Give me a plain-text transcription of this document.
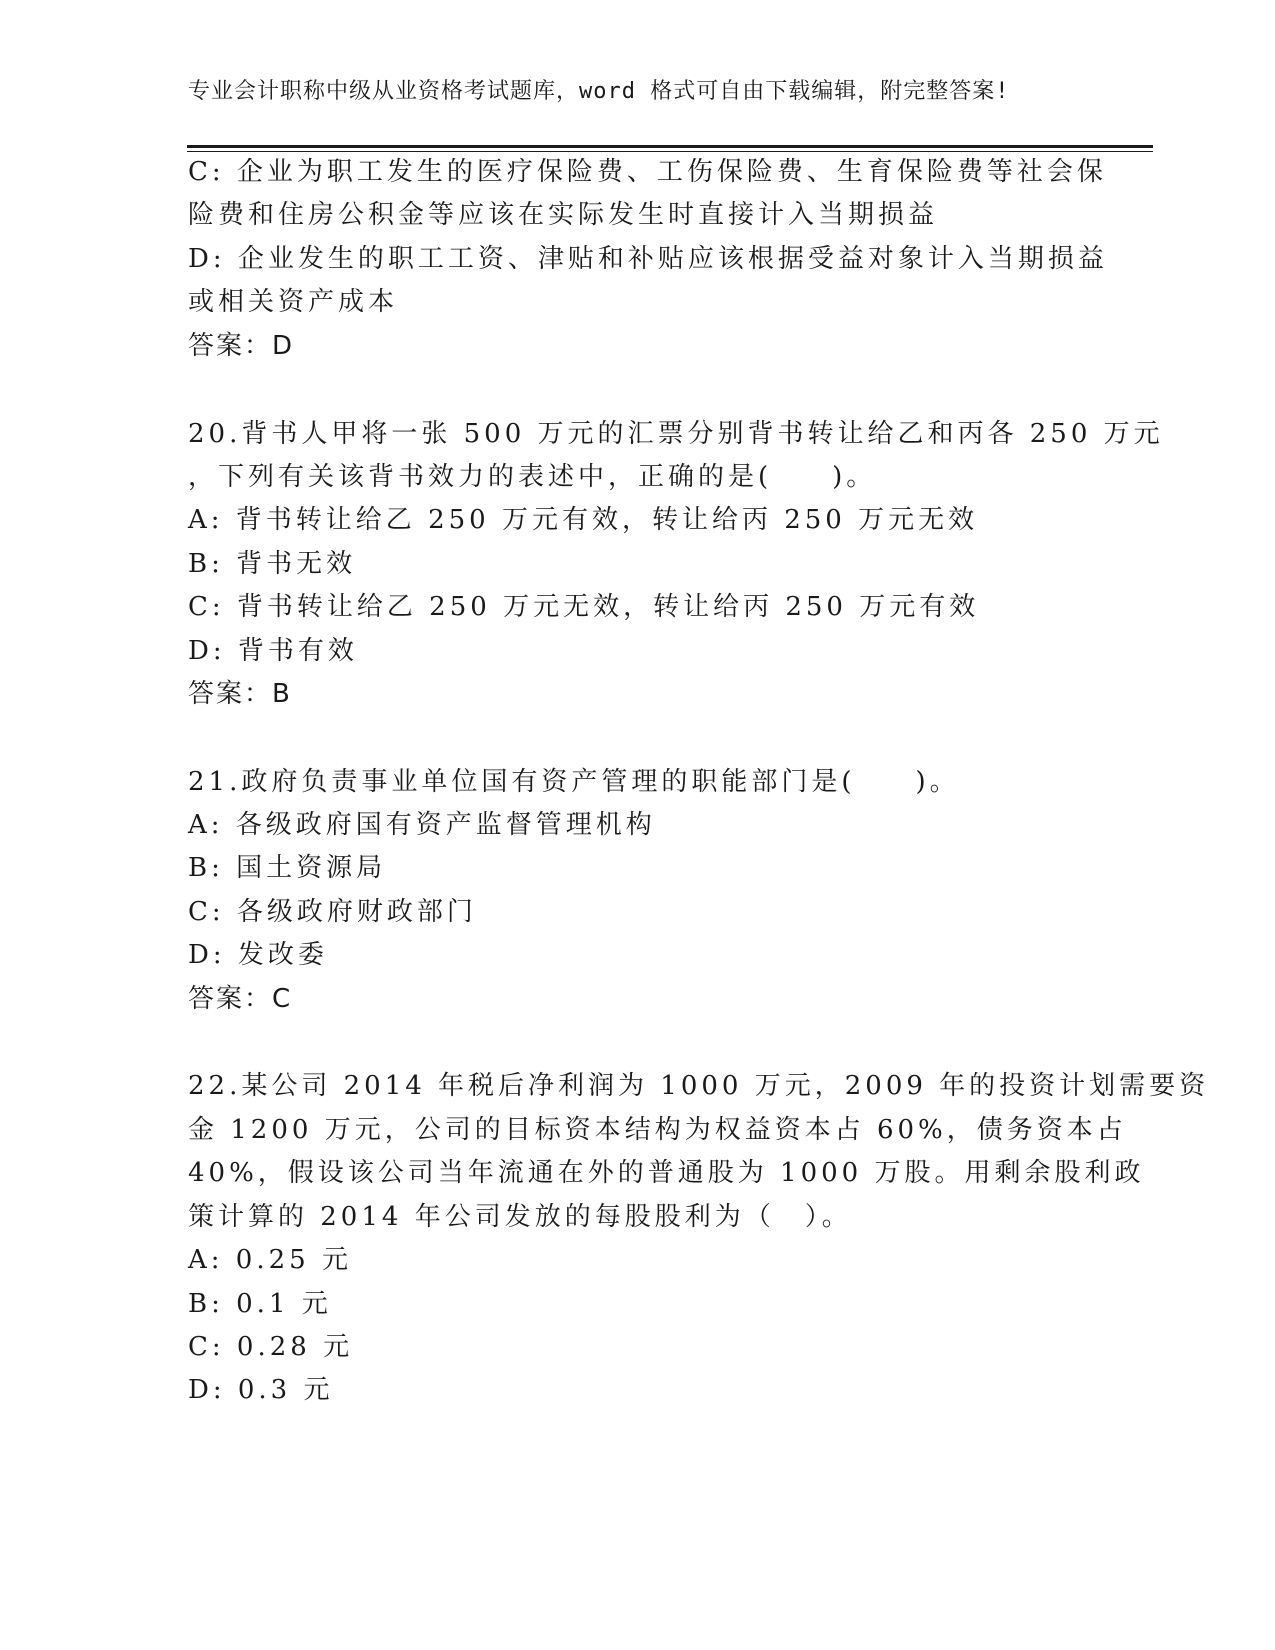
专业会计职称中级从业资格考试题库，word 格式可自由下载编辑，附完整答案!
C: 企业为职工发生的医疗保险费、工伤保险费、生育保险费等社会保
险费和住房公积金等应该在实际发生时直接计入当期损益
D: 企业发生的职工工资、津贴和补贴应该根据受益对象计入当期损益
或相关资产成本
答案：D
20.背书人甲将一张 500 万元的汇票分别背书转让给乙和丙各 250 万元
，下列有关该背书效力的表述中，正确的是(　　)。
A: 背书转让给乙 250 万元有效，转让给丙 250 万元无效
B: 背书无效
C: 背书转让给乙 250 万元无效，转让给丙 250 万元有效
D: 背书有效
答案：B
21.政府负责事业单位国有资产管理的职能部门是(　　)。
A: 各级政府国有资产监督管理机构
B: 国土资源局
C: 各级政府财政部门
D: 发改委
答案：C
22.某公司 2014 年税后净利润为 1000 万元，2009 年的投资计划需要资
金 1200 万元，公司的目标资本结构为权益资本占 60%，债务资本占
40%，假设该公司当年流通在外的普通股为 1000 万股。用剩余股利政
策计算的 2014 年公司发放的每股股利为（　）。
A: 0.25 元
B: 0.1 元
C: 0.28 元
D: 0.3 元
